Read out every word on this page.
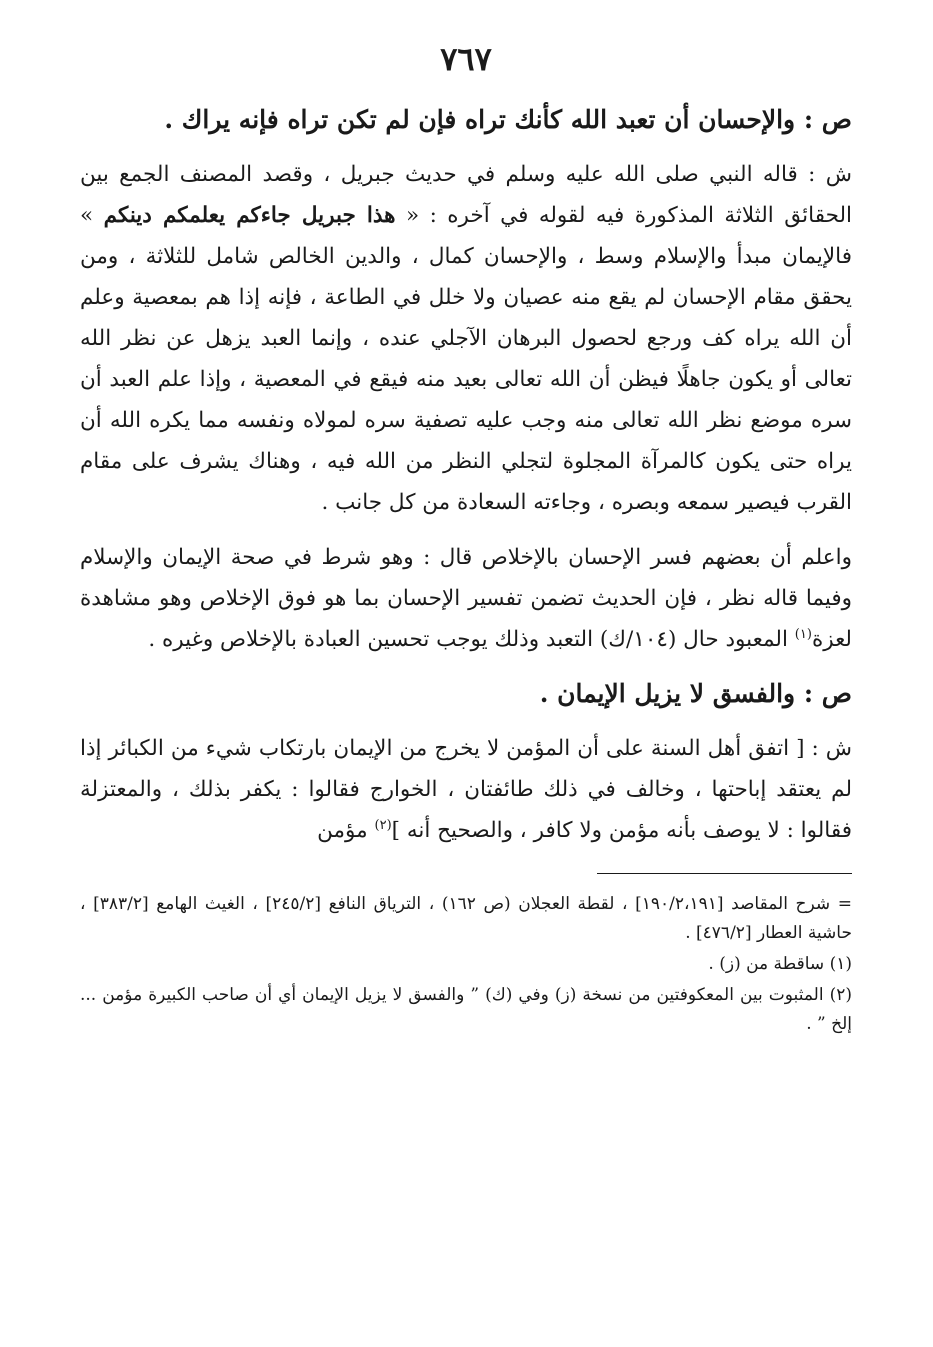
٧٦٧
ص : والإحسان أن تعبد الله كأنك تراه فإن لم تكن تراه فإنه يراك .
ش : قاله النبي صلى الله عليه وسلم في حديث جبريل ، وقصد المصنف الجمع بين الحقائق الثلاثة المذكورة فيه لقوله في آخره : « هذا جبريل جاءكم يعلمكم دينكم » فالإيمان مبدأ والإسلام وسط ، والإحسان كمال ، والدين الخالص شامل للثلاثة ، ومن يحقق مقام الإحسان لم يقع منه عصيان ولا خلل في الطاعة ، فإنه إذا هم بمعصية وعلم أن الله يراه كف ورجع لحصول البرهان الآجلي عنده ، وإنما العبد يزهل عن نظر الله تعالى أو يكون جاهلًا فيظن أن الله تعالى بعيد منه فيقع في المعصية ، وإذا علم العبد أن سره موضع نظر الله تعالى منه وجب عليه تصفية سره لمولاه ونفسه مما يكره الله أن يراه حتى يكون كالمرآة المجلوة لتجلي النظر من الله فيه ، وهناك يشرف على مقام القرب فيصير سمعه وبصره ، وجاءته السعادة من كل جانب .
واعلم أن بعضهم فسر الإحسان بالإخلاص قال : وهو شرط في صحة الإيمان والإسلام وفيما قاله نظر ، فإن الحديث تضمن تفسير الإحسان بما هو فوق الإخلاص وهو مشاهدة لعزة$^{(١)}$ المعبود حال (١٠٤/ك) التعبد وذلك يوجب تحسين العبادة بالإخلاص وغيره .
ص : والفسق لا يزيل الإيمان .
ش : [ اتفق أهل السنة على أن المؤمن لا يخرج من الإيمان بارتكاب شيء من الكبائر إذا لم يعتقد إباحتها ، وخالف في ذلك طائفتان ، الخوارج فقالوا : يكفر بذلك ، والمعتزلة فقالوا : لا يوصف بأنه مؤمن ولا كافر ، والصحيح أنه ]$^{(٢)}$ مؤمن
= شرح المقاصد [١٩٠/٢،١٩١] ، لقطة العجلان (ص ١٦٢) ، الترياق النافع [٢٤٥/٢] ، الغيث الهامع [٣٨٣/٢] ، حاشية العطار [٤٧٦/٢] .
(١) ساقطة من (ز) .
(٢) المثبوت بين المعكوفتين من نسخة (ز) وفي (ك) ” والفسق لا يزيل الإيمان أي أن صاحب الكبيرة مؤمن ... إلخ ” .
